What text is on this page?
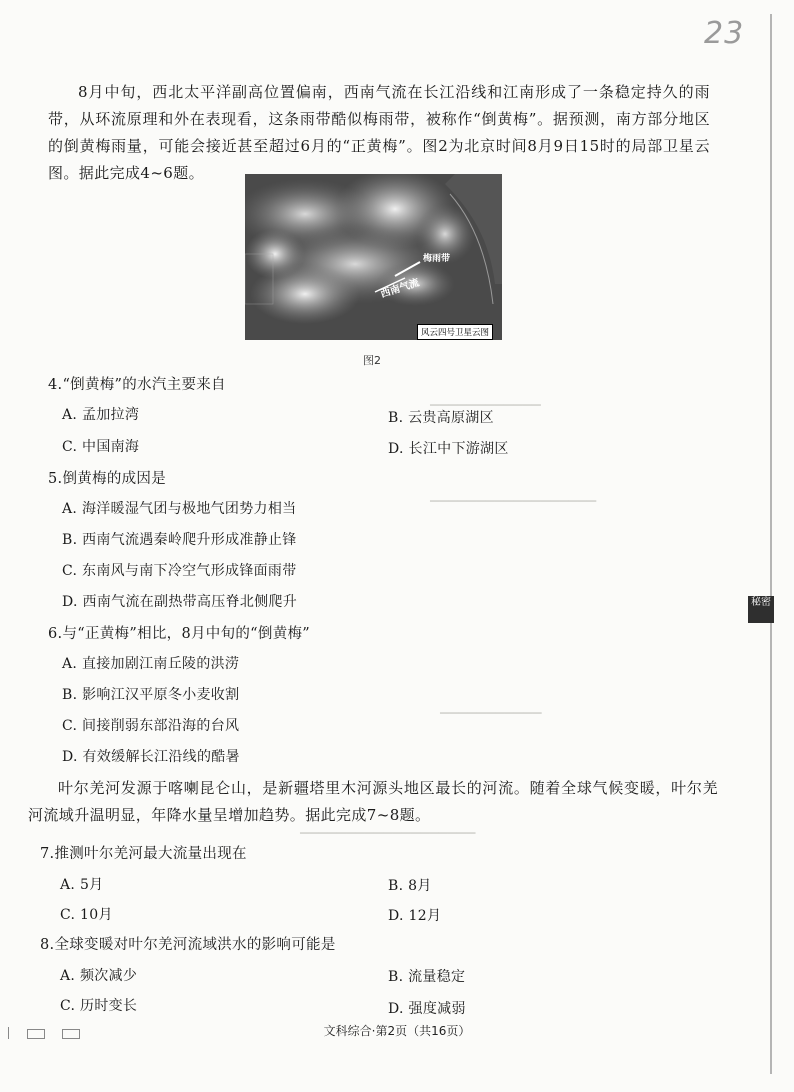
23
▁▁▁▁▁▁▁▁▁▁▁▁
▁▁▁▁▁▁▁▁▁▁▁▁▁▁▁▁▁▁
▁▁▁▁▁▁▁▁▁▁▁
▁▁▁▁▁▁▁▁▁▁▁▁▁▁▁▁▁▁▁

8月中旬，西北太平洋副高位置偏南，西南气流在长江沿线和江南形成了一条稳定持久的雨带，从环流原理和外在表现看，这条雨带酷似梅雨带，被称作“倒黄梅”。据预测，南方部分地区的倒黄梅雨量，可能会接近甚至超过6月的“正黄梅”。图2为北京时间8月9日15时的局部卫星云图。据此完成4~6题。

梅雨带
西南气流
风云四号卫星云图
图2
4.“倒黄梅”的水汽主要来自
A. 孟加拉湾	B. 云贵高原湖区
C. 中国南海	D. 长江中下游湖区
5.倒黄梅的成因是
A. 海洋暖湿气团与极地气团势力相当
B. 西南气流遇秦岭爬升形成准静止锋
C. 东南风与南下冷空气形成锋面雨带
D. 西南气流在副热带高压脊北侧爬升	秘密
6.与“正黄梅”相比，8月中旬的“倒黄梅”
A. 直接加剧江南丘陵的洪涝
B. 影响江汉平原冬小麦收割
C. 间接削弱东部沿海的台风
D. 有效缓解长江沿线的酷暑

叶尔羌河发源于喀喇昆仑山，是新疆塔里木河源头地区最长的河流。随着全球气候变暖，叶尔羌河流域升温明显，年降水量呈增加趋势。据此完成7~8题。

7.推测叶尔羌河最大流量出现在
A. 5月	B. 8月
C. 10月	D. 12月
8.全球变暖对叶尔羌河流域洪水的影响可能是
A. 频次减少	B. 流量稳定
C. 历时变长	D. 强度减弱

文科综合·第2页（共16页）
